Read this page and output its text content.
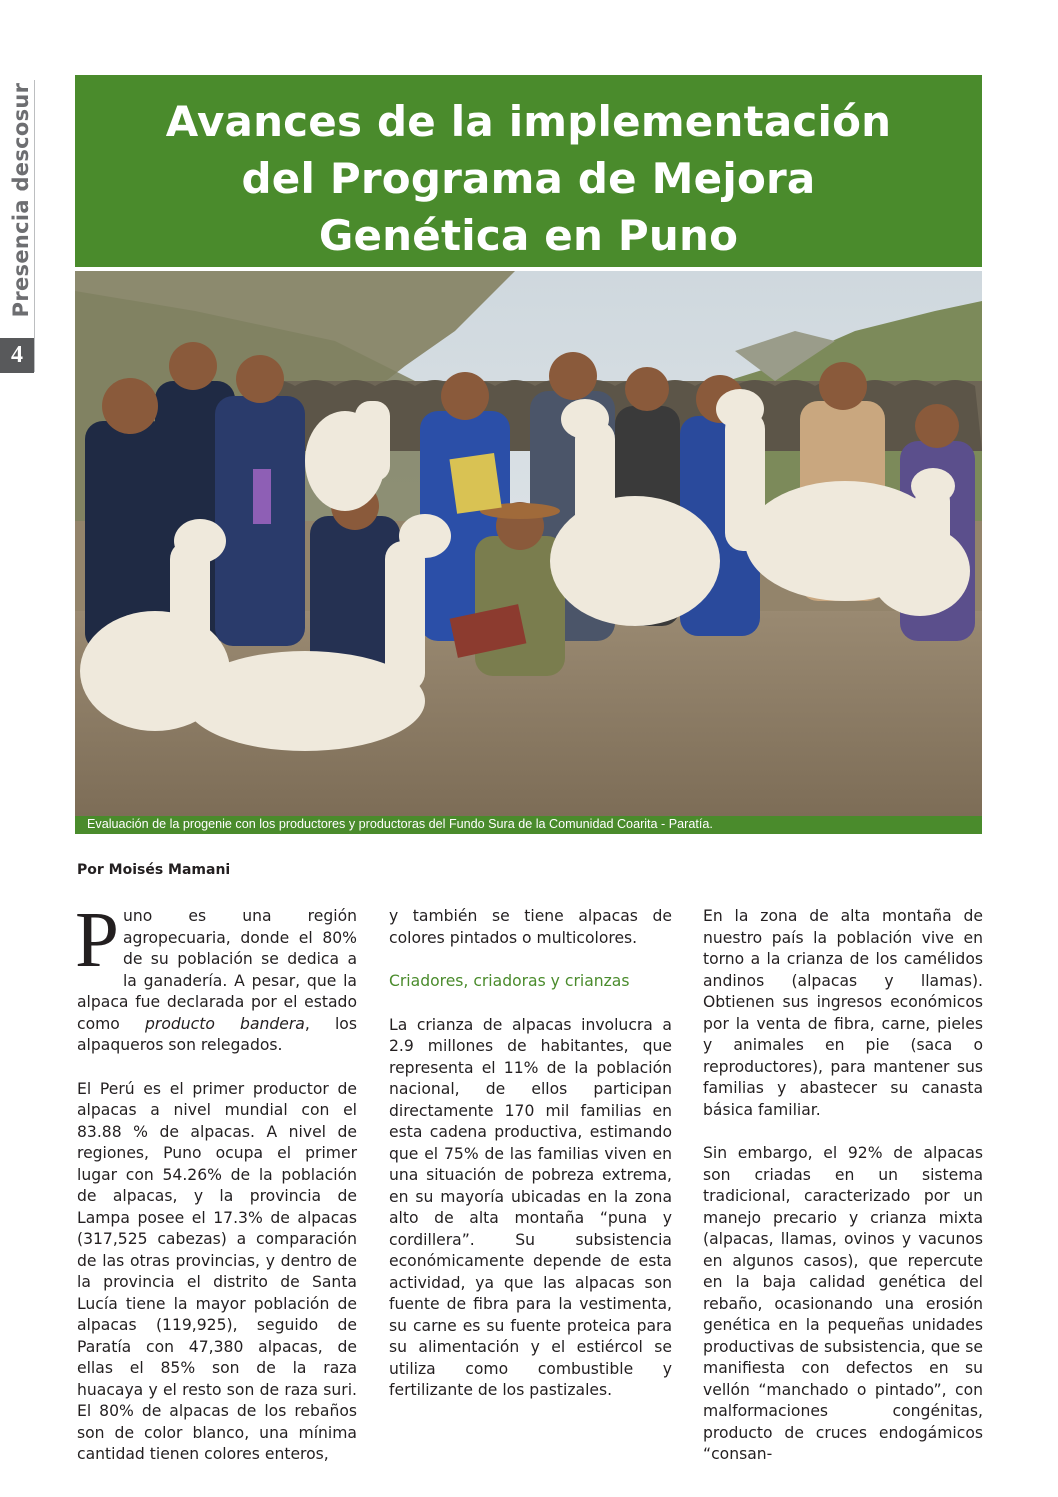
Presencia descosur
4
Avances de la implementación
del Programa de Mejora
Genética en Puno
Evaluación de la progenie con los productores y productoras del Fundo Sura de la Comunidad Coarita - Paratía.
Por Moisés Mamani

Puno es una región agropecuaria, donde el 80% de su población se dedica a la ganadería. A pesar, que la alpaca fue declarada por el estado como producto bandera, los alpaqueros son relegados.

El Perú es el primer productor de alpacas a nivel mundial con el 83.88 % de alpacas. A nivel de regiones, Puno ocupa el primer lugar con 54.26% de la población de alpacas, y la provincia de Lampa posee el 17.3% de alpacas (317,525 cabezas) a comparación de las otras provincias, y dentro de la provincia el distrito de Santa Lucía tiene la mayor población de alpacas (119,925), seguido de Paratía con 47,380 alpacas, de ellas el 85% son de la raza huacaya y el resto son de raza suri. El 80% de alpacas de los rebaños son de color blanco, una mínima cantidad tienen colores enteros,

y también se tiene alpacas de colores pintados o multicolores.

Criadores, criadoras y crianzas

La crianza de alpacas involucra a 2.9 millones de habitantes, que representa el 11% de la población nacional, de ellos participan directamente 170 mil familias en esta cadena productiva, estimando que el 75% de las familias viven en una situación de pobreza extrema, en su mayoría ubicadas en la zona alto de alta montaña “puna y cordillera”. Su subsistencia económicamente depende de esta actividad, ya que las alpacas son fuente de fibra para la vestimenta, su carne es su fuente proteica para su alimentación y el estiércol se utiliza como combustible y fertilizante de los pastizales.

En la zona de alta montaña de nuestro país la población vive en torno a la crianza de los camélidos andinos (alpacas y llamas). Obtienen sus ingresos económicos por la venta de fibra, carne, pieles y animales en pie (saca o reproductores), para mantener sus familias y abastecer su canasta básica familiar.

Sin embargo, el 92% de alpacas son criadas en un sistema tradicional, caracterizado por un manejo precario y crianza mixta (alpacas, llamas, ovinos y vacunos en algunos casos), que repercute en la baja calidad genética del rebaño, ocasionando una erosión genética en la pequeñas unidades productivas de subsistencia, que se manifiesta con defectos en su vellón “manchado o pintado”, con malformaciones congénitas, producto de cruces endogámicos “consan-
